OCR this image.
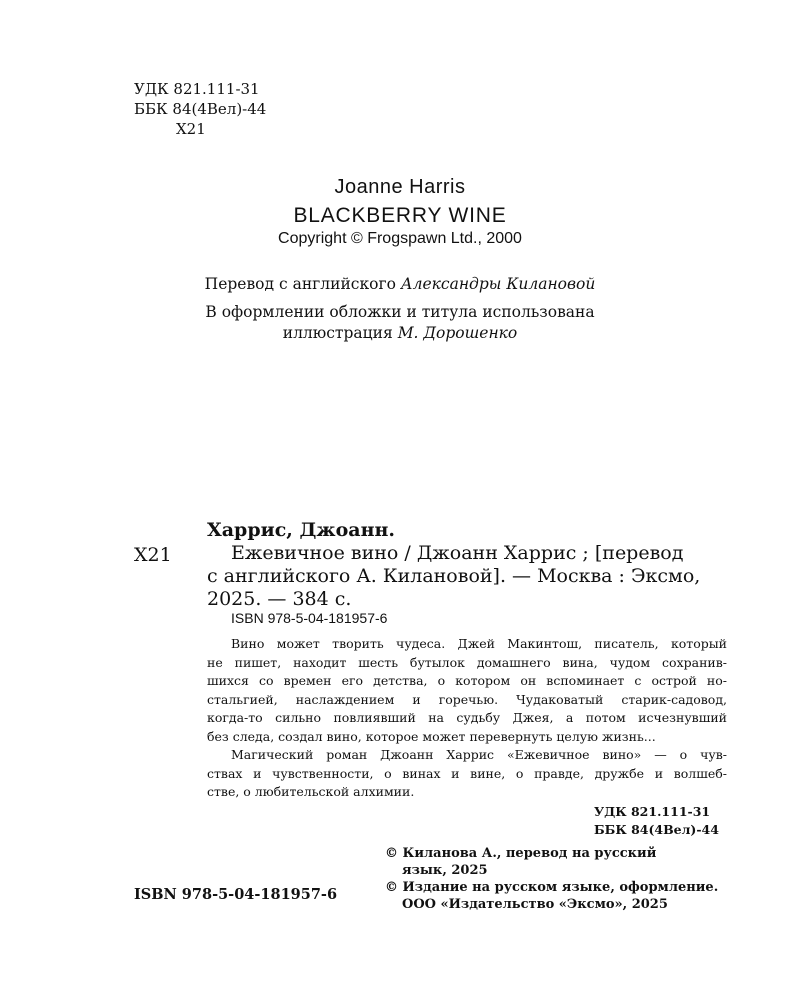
УДК 821.111-31
ББК 84(4Вел)-44
Х21
Joanne Harris
BLACKBERRY WINE
Copyright © Frogspawn Ltd., 2000
Перевод с английского Александры Килановой
В оформлении обложки и титула использована
иллюстрация М. Дорошенко
Х21
Харрис, Джоанн.
Ежевичное вино / Джоанн Харрис ; [перевод
с английского А. Килановой]. — Москва : Эксмо,
2025. — 384 с.
ISBN 978-5-04-181957-6
Вино может творить чудеса. Джей Макинтош, писатель, который
не пишет, находит шесть бутылок домашнего вина, чудом сохранив-
шихся со времен его детства, о котором он вспоминает с острой но-
стальгией, наслаждением и горечью. Чудаковатый старик-садовод,
когда-то сильно повлиявший на судьбу Джея, а потом исчезнувший
без следа, создал вино, которое может перевернуть целую жизнь...
Магический роман Джоанн Харрис «Ежевичное вино» — о чув-
ствах и чувственности, о винах и вине, о правде, дружбе и волшеб-
стве, о любительской алхимии.
УДК 821.111-31
ББК 84(4Вел)-44
© Киланова А., перевод на русский
язык, 2025
© Издание на русском языке, оформление.
ООО «Издательство «Эксмо», 2025
ISBN 978-5-04-181957-6
